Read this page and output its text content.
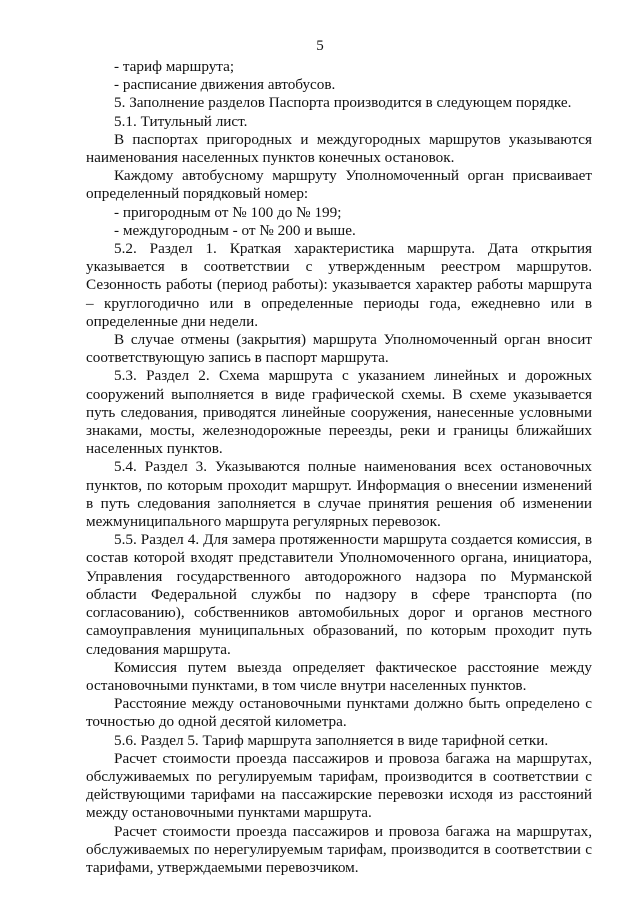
5

- тариф маршрута;

- расписание движения автобусов.

5. Заполнение разделов Паспорта производится в следующем порядке.

5.1. Титульный лист.

В паспортах пригородных и междугородных маршрутов указываются наименования населенных пунктов конечных остановок.

Каждому автобусному маршруту Уполномоченный орган присваивает определенный порядковый номер:

- пригородным от № 100 до № 199;

- междугородным - от № 200 и выше.

5.2. Раздел 1. Краткая характеристика маршрута. Дата открытия указывается в соответствии с утвержденным реестром маршрутов. Сезонность работы (период работы): указывается характер работы маршрута – круглогодично или в определенные периоды года, ежедневно или в определенные дни недели.

В случае отмены (закрытия) маршрута Уполномоченный орган вносит соответствующую запись в паспорт маршрута.

5.3. Раздел 2. Схема маршрута с указанием линейных и дорожных сооружений выполняется в виде графической схемы. В схеме указывается путь следования, приводятся линейные сооружения, нанесенные условными знаками, мосты, железнодорожные переезды, реки и границы ближайших населенных пунктов.

5.4. Раздел 3. Указываются полные наименования всех остановочных пунктов, по которым проходит маршрут. Информация о внесении изменений в путь следования заполняется в случае принятия решения об изменении межмуниципального маршрута регулярных перевозок.

5.5. Раздел 4. Для замера протяженности маршрута создается комиссия, в состав которой входят представители Уполномоченного органа, инициатора, Управления государственного автодорожного надзора по Мурманской области Федеральной службы по надзору в сфере транспорта (по согласованию), собственников автомобильных дорог и органов местного самоуправления муниципальных образований, по которым проходит путь следования маршрута.

Комиссия путем выезда определяет фактическое расстояние между остановочными пунктами, в том числе внутри населенных пунктов.

Расстояние между остановочными пунктами должно быть определено с точностью до одной десятой километра.

5.6. Раздел 5. Тариф маршрута заполняется в виде тарифной сетки.

Расчет стоимости проезда пассажиров и провоза багажа на маршрутах, обслуживаемых по регулируемым тарифам, производится в соответствии с действующими тарифами на пассажирские перевозки исходя из расстояний между остановочными пунктами маршрута.

Расчет стоимости проезда пассажиров и провоза багажа на маршрутах, обслуживаемых по нерегулируемым тарифам, производится в соответствии с тарифами, утверждаемыми перевозчиком.
